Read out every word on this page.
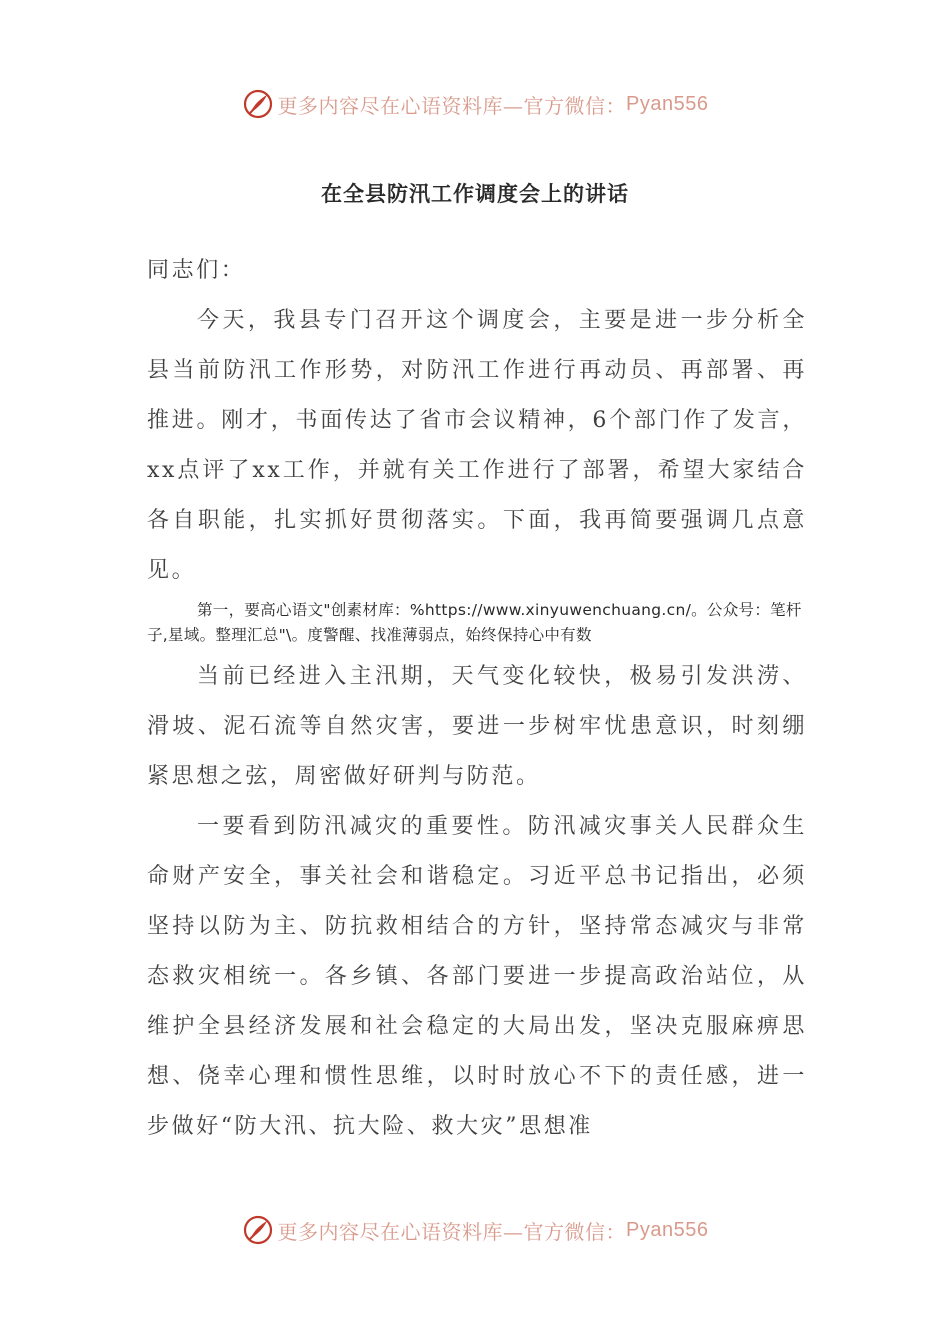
更多内容尽在心语资料库—官方微信： Pyan556
在全县防汛工作调度会上的讲话

同志们：

今天，我县专门召开这个调度会，主要是进一步分析全县当前防汛工作形势，对防汛工作进行再动员、再部署、再推进。刚才，书面传达了省市会议精神，6个部门作了发言，xx点评了xx工作，并就有关工作进行了部署，希望大家结合各自职能，扎实抓好贯彻落实。下面，我再简要强调几点意见。

第一，要高心语文"创素材库：%https://www.xinyuwenchuang.cn/。公众号：笔杆子,星域。整理汇总"\。度警醒、找准薄弱点，始终保持心中有数

当前已经进入主汛期，天气变化较快，极易引发洪涝、滑坡、泥石流等自然灾害，要进一步树牢忧患意识，时刻绷紧思想之弦，周密做好研判与防范。

一要看到防汛减灾的重要性。防汛减灾事关人民群众生命财产安全，事关社会和谐稳定。习近平总书记指出，必须坚持以防为主、防抗救相结合的方针，坚持常态减灾与非常态救灾相统一。各乡镇、各部门要进一步提高政治站位，从维护全县经济发展和社会稳定的大局出发，坚决克服麻痹思想、侥幸心理和惯性思维，以时时放心不下的责任感，进一步做好“防大汛、抗大险、救大灾”思想准

更多内容尽在心语资料库—官方微信： Pyan556
